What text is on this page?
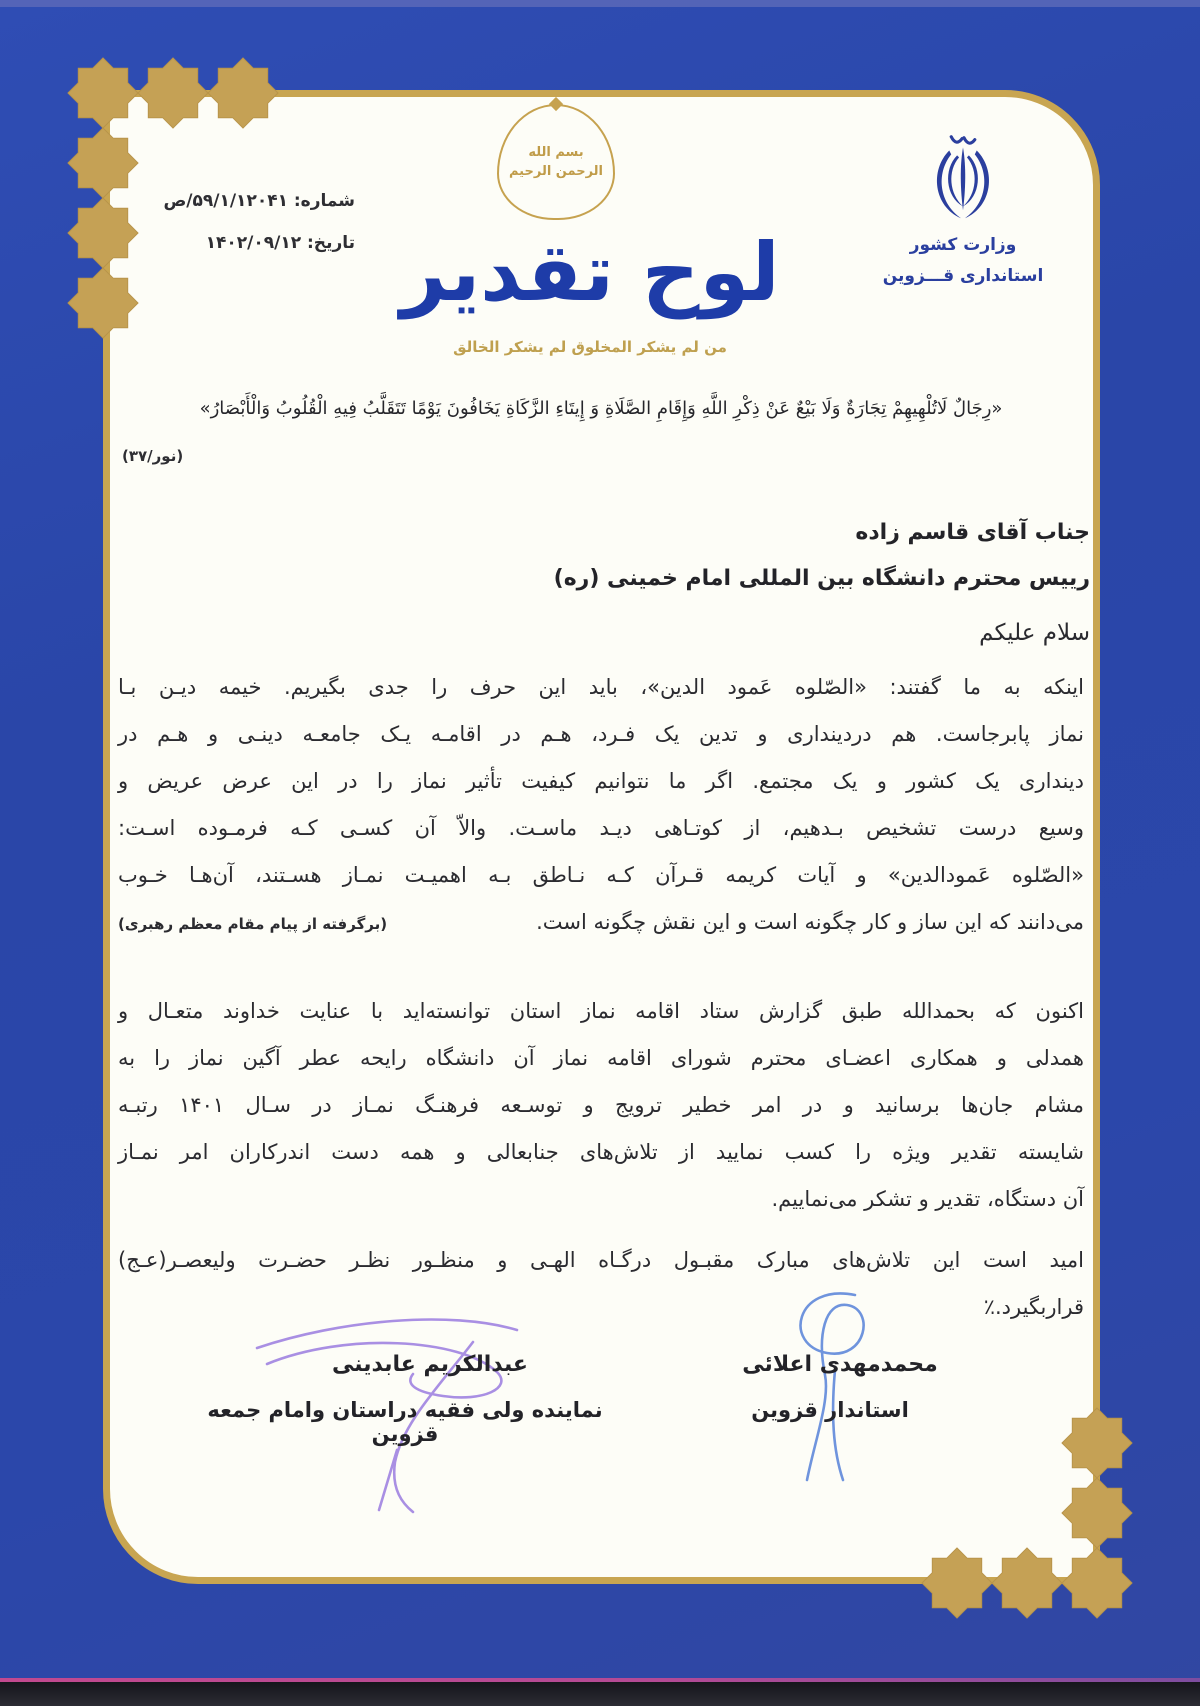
شماره: ۵۹/۱/۱۲۰۴۱/ص
تاریخ: ۱۴۰۲/۰۹/۱۲
بسم الله الرحمن الرحیم
لوح تقدیر
من لم یشکر المخلوق لم یشکر الخالق
وزارت کشور
استانداری قـــزوین
«رِجَالٌ لَاتُلْهِيهِمْ تِجَارَةٌ وَلَا بَيْعٌ عَنْ ذِكْرِ اللَّهِ وَإِقَامِ الصَّلَاةِ وَ إِيتَاءِ الزَّكَاةِ يَخَافُونَ يَوْمًا تَتَقَلَّبُ فِيهِ الْقُلُوبُ وَالْأَبْصَارُ»
(نور/۳۷)
جناب آقای قاسم زاده
رییس محترم دانشگاه بین المللی امام خمینی (ره)
سلام علیکم
اینکه به ما گفتند: «الصّلوه عَمود الدین»، باید این حرف را جدی بگیریم. خیمه دیـن بـا
نماز پابرجاست. هم دردینداری و تدین یک فـرد، هـم در اقامـه یـک جامعـه دینـی و هـم در
دینداری یک کشور و یک مجتمع. اگر ما نتوانیم کیفیت تأثیر نماز را در این عرض عریض و
وسیع درست تشخیص بـدهیم، از کوتـاهی دیـد ماسـت. والاّ آن کسـی کـه فرمـوده اسـت:
«الصّلوه عَمودالدین» و آیات کریمه قـرآن کـه نـاطق بـه اهمیـت نمـاز هسـتند، آن‌هـا خـوب
می‌دانند که این ساز و کار چگونه است و این نقش چگونه است.
(برگرفته از پیام مقام معظم رهبری)
اکنون که بحمدالله طبق گزارش ستاد اقامه نماز استان توانسته‌اید با عنایت خداوند متعـال و
همدلی و همکاری اعضـای محترم شورای اقامه نماز آن دانشگاه رایحه عطر آگین نماز را به
مشام جان‌ها برسانید و در امر خطیر ترویج و توسـعه فرهنـگ نمـاز در سـال ۱۴۰۱ رتبـه
شایسته تقدیر ویژه را کسب نمایید از تلاش‌های جنابعالی و همه دست اندرکاران امر نمـاز
آن دستگاه، تقدیر و تشکر می‌نماییم.
امید است این تلاش‌های مبارک مقبـول درگـاه الهـی و منظـور نظـر حضـرت ولیعصـر(عـج)
قراربگیرد.٪
محمدمهدی اعلائی
استاندار قزوین
عبدالکریم عابدینی
نماینده ولی فقیه دراستان وامام جمعه قزوین
